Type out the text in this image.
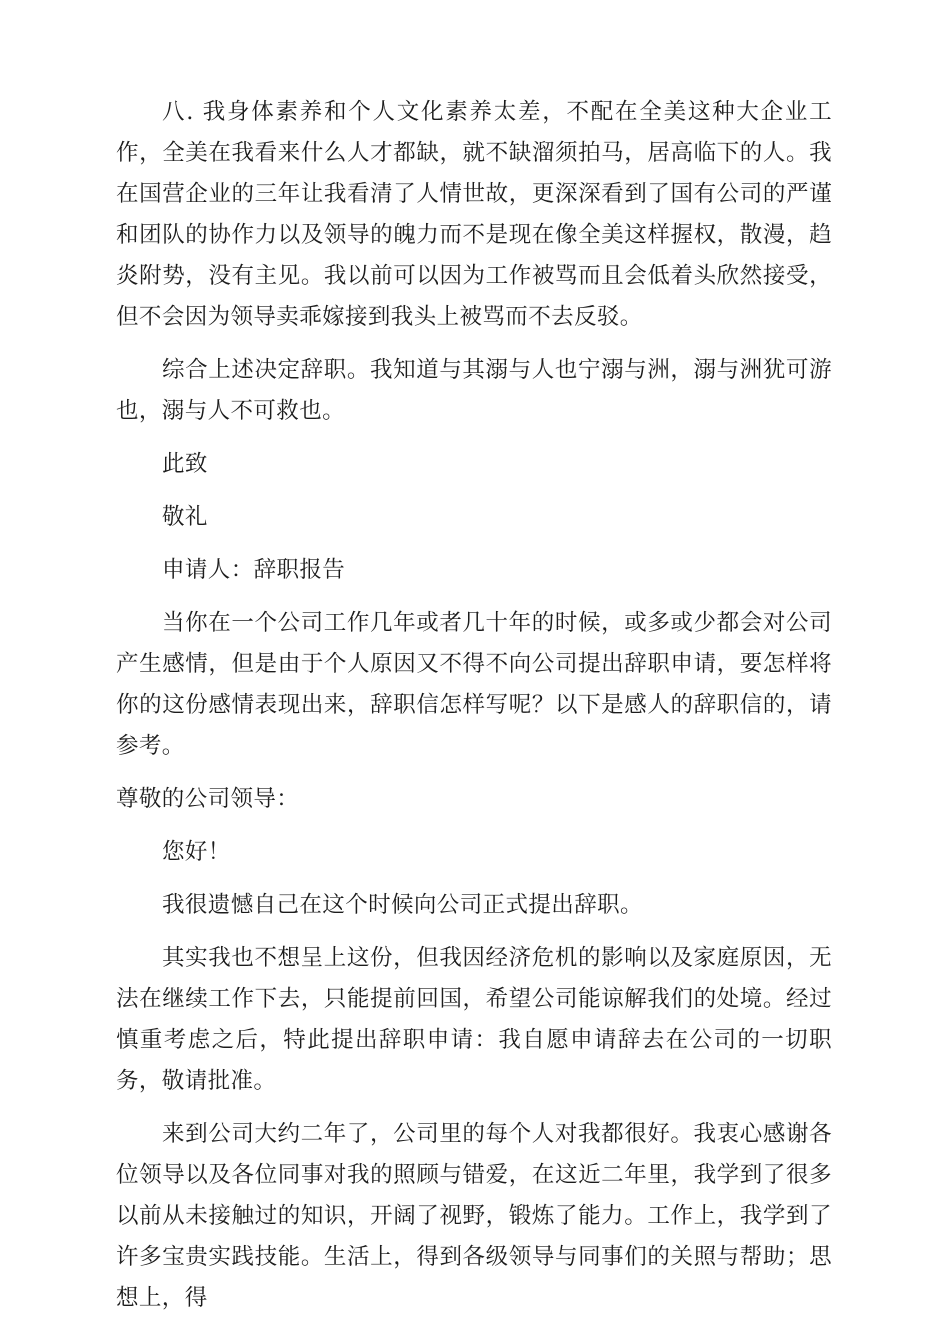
八. 我身体素养和个人文化素养太差，不配在全美这种大企业工作，全美在我看来什么人才都缺，就不缺溜须拍马，居高临下的人。我在国营企业的三年让我看清了人情世故，更深深看到了国有公司的严谨和团队的协作力以及领导的魄力而不是现在像全美这样握权，散漫，趋炎附势，没有主见。我以前可以因为工作被骂而且会低着头欣然接受，但不会因为领导卖乖嫁接到我头上被骂而不去反驳。

综合上述决定辞职。我知道与其溺与人也宁溺与洲，溺与洲犹可游也，溺与人不可救也。

此致

敬礼

申请人：辞职报告

当你在一个公司工作几年或者几十年的时候，或多或少都会对公司产生感情，但是由于个人原因又不得不向公司提出辞职申请，要怎样将你的这份感情表现出来，辞职信怎样写呢？以下是感人的辞职信的，请参考。

尊敬的公司领导：

您好！

我很遗憾自己在这个时候向公司正式提出辞职。

其实我也不想呈上这份，但我因经济危机的影响以及家庭原因，无法在继续工作下去，只能提前回国，希望公司能谅解我们的处境。经过慎重考虑之后，特此提出辞职申请：我自愿申请辞去在公司的一切职务，敬请批准。

来到公司大约二年了，公司里的每个人对我都很好。我衷心感谢各位领导以及各位同事对我的照顾与错爱，在这近二年里，我学到了很多以前从未接触过的知识，开阔了视野，锻炼了能力。工作上，我学到了许多宝贵实践技能。生活上，得到各级领导与同事们的关照与帮助；思想上，得
